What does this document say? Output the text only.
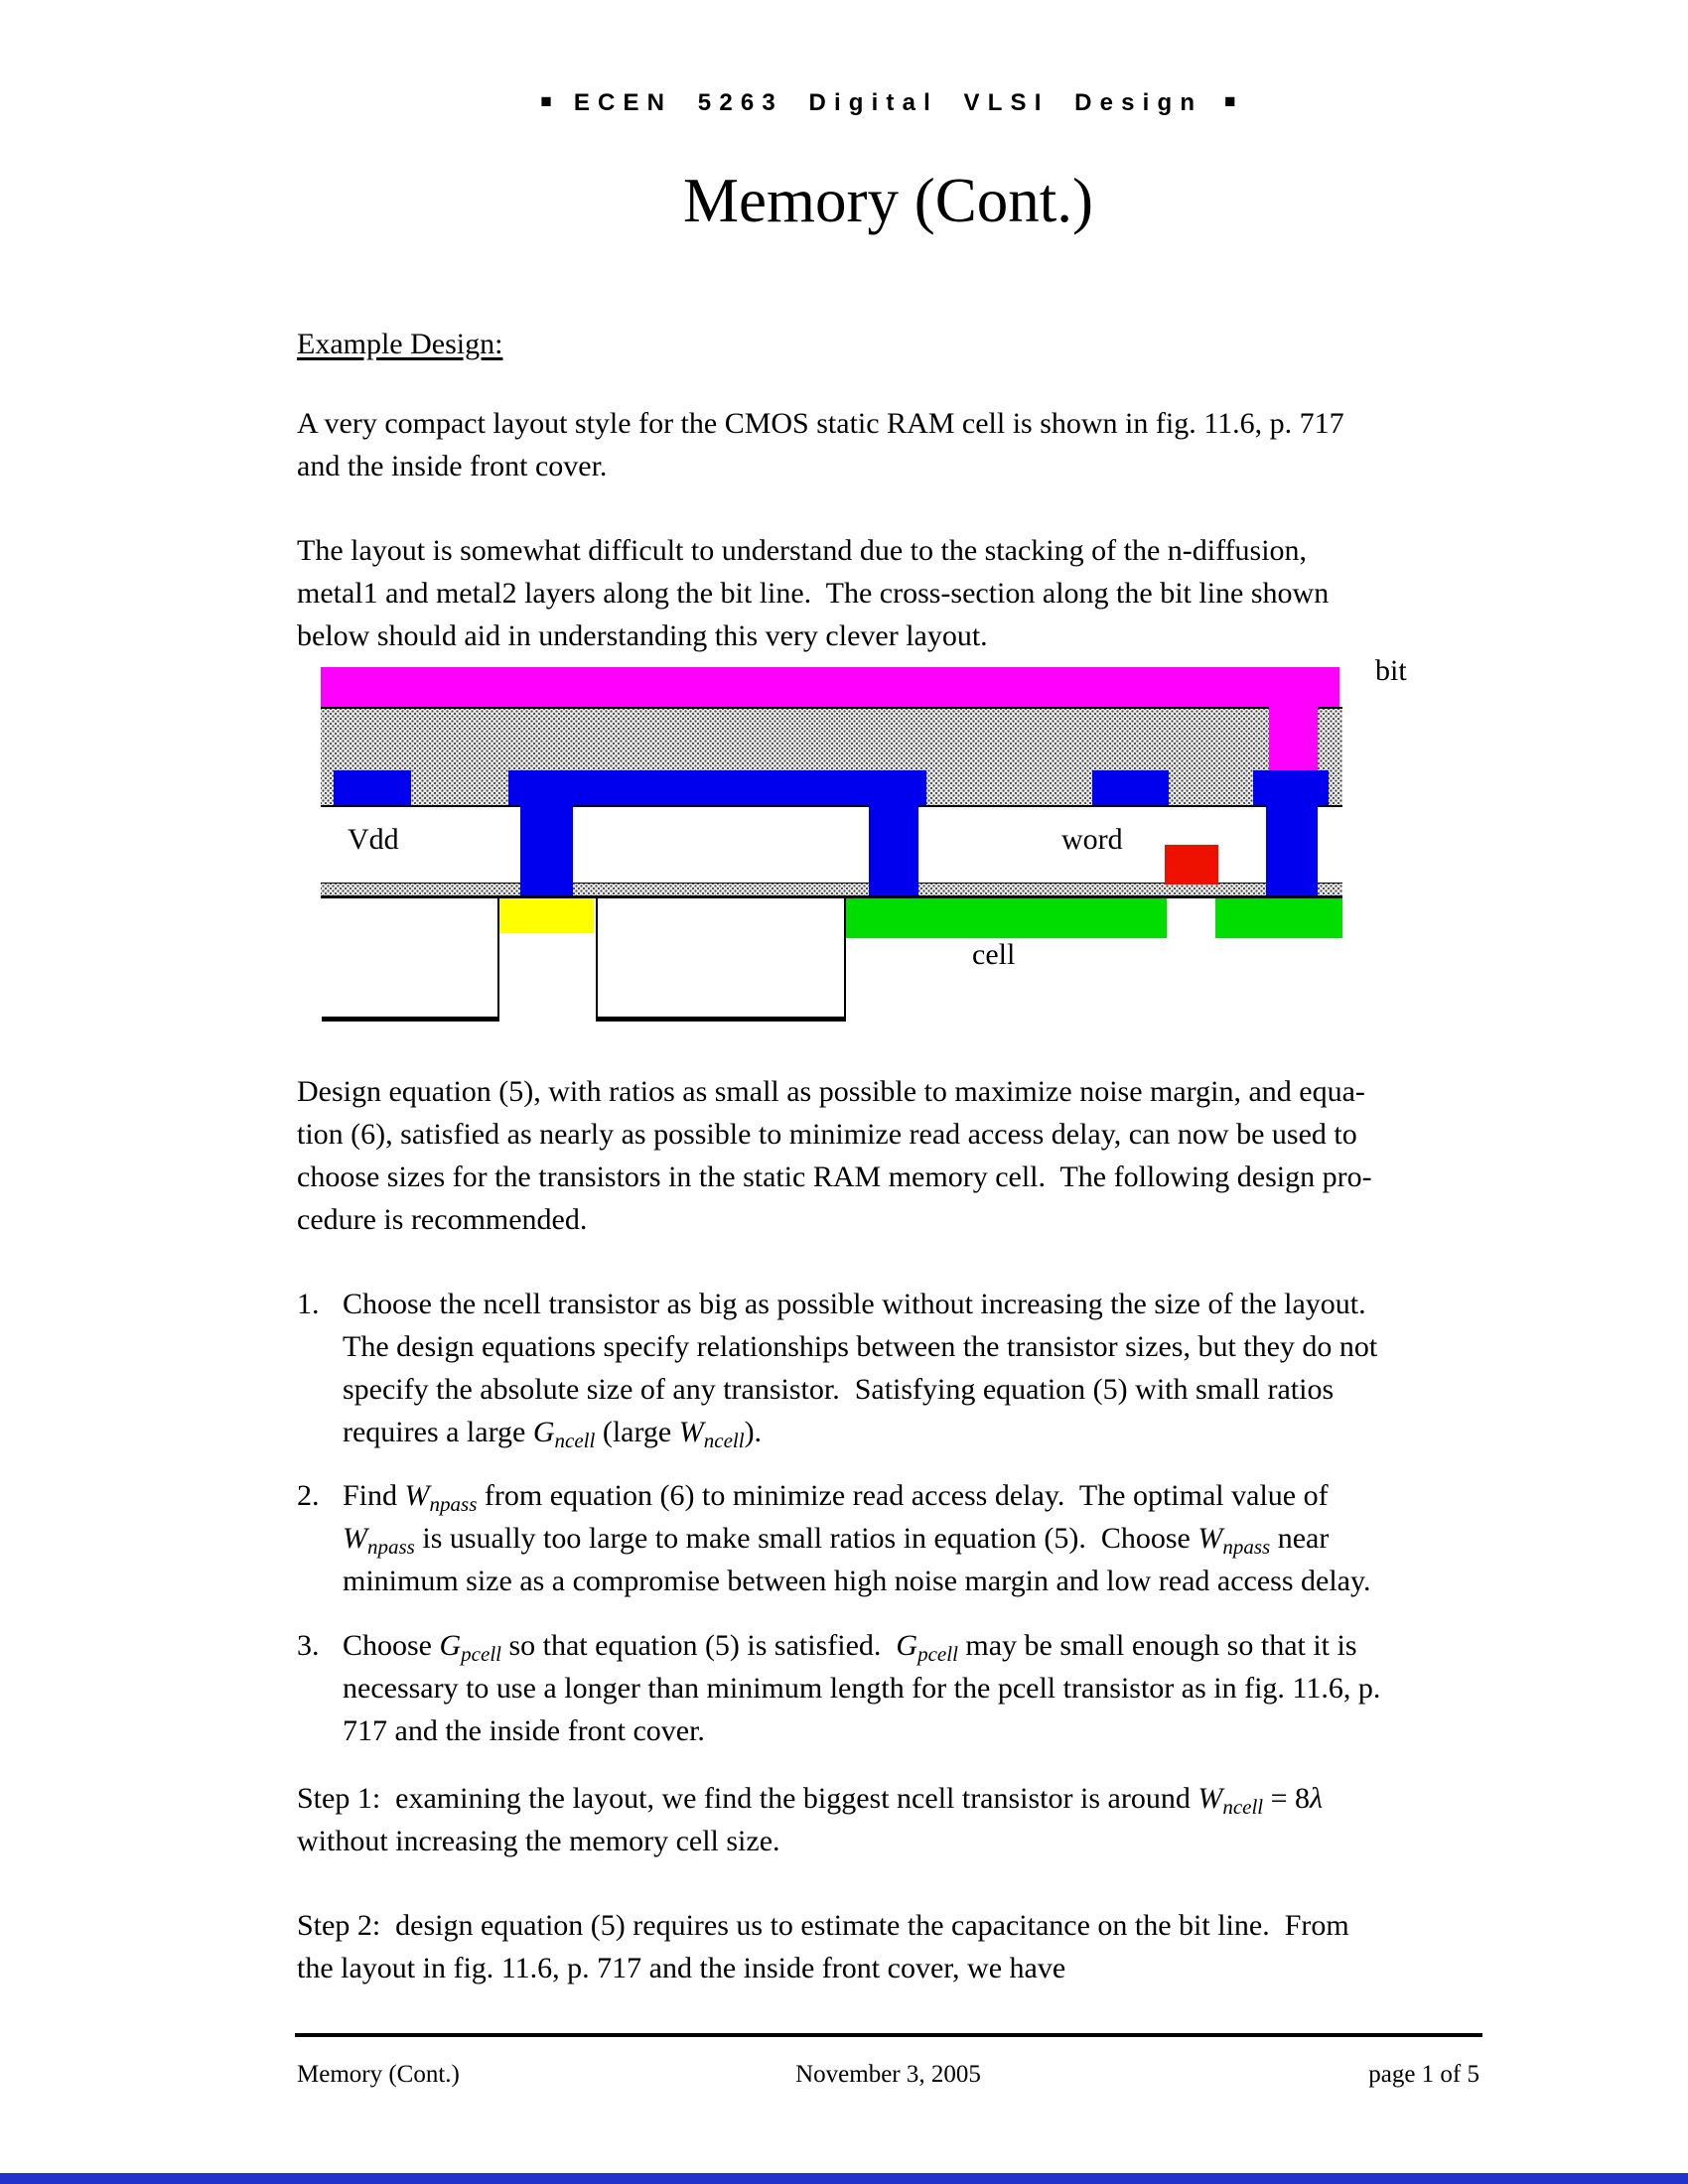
■ ECEN 5263 Digital VLSI Design ■
Memory (Cont.)
Example Design:
A very compact layout style for the CMOS static RAM cell is shown in fig. 11.6, p. 717
and the inside front cover.
The layout is somewhat difficult to understand due to the stacking of the n-diffusion,
metal1 and metal2 layers along the bit line.  The cross-section along the bit line shown
below should aid in understanding this very clever layout.
Vdd	word
cell
bit
Design equation (5), with ratios as small as possible to maximize noise margin, and equa-
tion (6), satisfied as nearly as possible to minimize read access delay, can now be used to
choose sizes for the transistors in the static RAM memory cell.  The following design pro-
cedure is recommended.
1. Choose the ncell transistor as big as possible without increasing the size of the layout.
The design equations specify relationships between the transistor sizes, but they do not
specify the absolute size of any transistor.  Satisfying equation (5) with small ratios
requires a large $G_{ncell}$ (large $W_{ncell}$).
2. Find $W_{npass}$ from equation (6) to minimize read access delay.  The optimal value of
$W_{npass}$ is usually too large to make small ratios in equation (5).  Choose $W_{npass}$ near
minimum size as a compromise between high noise margin and low read access delay.
3. Choose $G_{pcell}$ so that equation (5) is satisfied.  $G_{pcell}$ may be small enough so that it is
necessary to use a longer than minimum length for the pcell transistor as in fig. 11.6, p.
717 and the inside front cover.
Step 1:  examining the layout, we find the biggest ncell transistor is around $W_{ncell} = 8\lambda$
without increasing the memory cell size.
Step 2:  design equation (5) requires us to estimate the capacitance on the bit line.  From
the layout in fig. 11.6, p. 717 and the inside front cover, we have
Memory (Cont.)	November 3, 2005	page 1 of 5
